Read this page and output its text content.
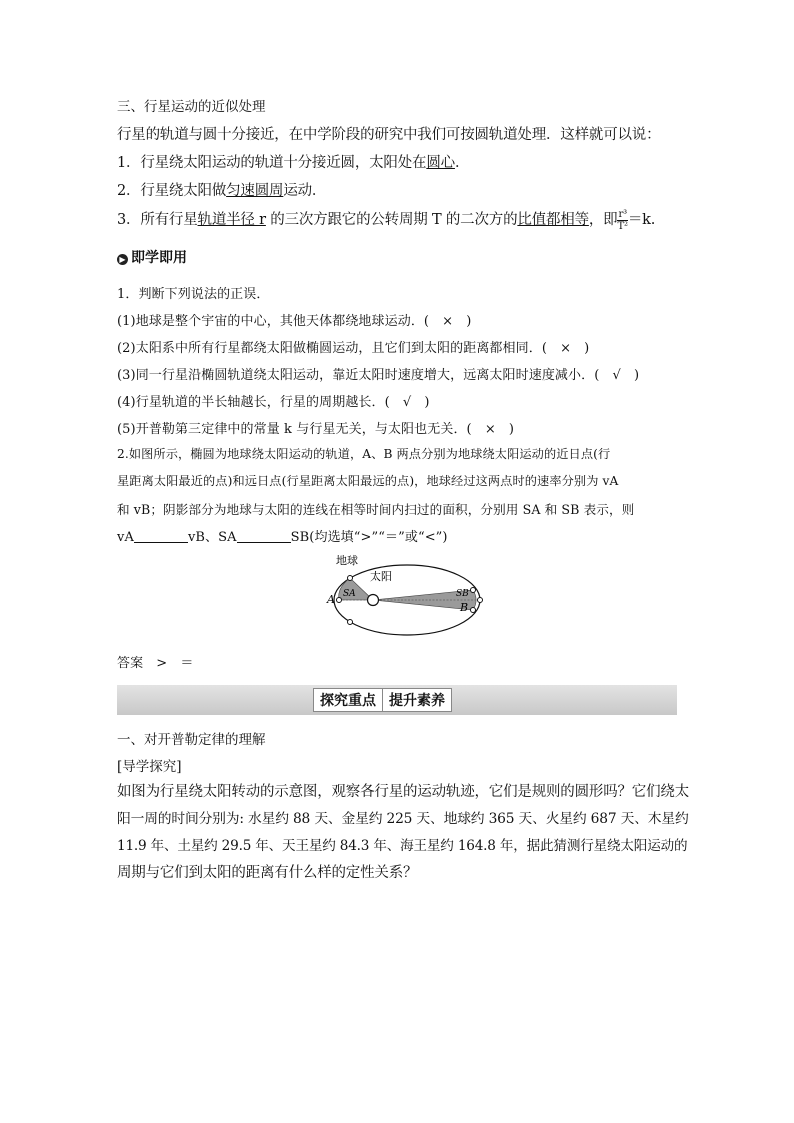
三、行星运动的近似处理
行星的轨道与圆十分接近，在中学阶段的研究中我们可按圆轨道处理．这样就可以说：
1．行星绕太阳运动的轨道十分接近圆，太阳处在圆心．
2．行星绕太阳做匀速圆周运动．
3．所有行星轨道半径 r 的三次方跟它的公转周期 T 的二次方的比值都相等，即 $\frac{\text{r³}}{\text{T²}} =k$.
▶ 即学即用
1．判断下列说法的正误．
(1)地球是整个宇宙的中心，其他天体都绕地球运动．(　×　)
(2)太阳系中所有行星都绕太阳做椭圆运动，且它们到太阳的距离都相同．(　×　)
(3)同一行星沿椭圆轨道绕太阳运动，靠近太阳时速度增大，远离太阳时速度减小．(　√　)
(4)行星轨道的半长轴越长，行星的周期越长．(　√　)
(5)开普勒第三定律中的常量 k 与行星无关，与太阳也无关．(　×　)
2.如图所示，椭圆为地球绕太阳运动的轨道，A、B 两点分别为地球绕太阳运动的近日点(行
星距离太阳最近的点)和远日点(行星距离太阳最远的点)，地球经过这两点时的速率分别为 vA
和 vB；阴影部分为地球与太阳的连线在相等时间内扫过的面积，分别用 SA 和 SB 表示，则
vA	vB、SA	SB(均选填“>”“＝”或“<”)
地球
太阳
A SA	SB
B
答案　>　＝
探究重点 提升素养
一、对开普勒定律的理解
[导学探究]
如图为行星绕太阳转动的示意图，观察各行星的运动轨迹，它们是规则的圆形吗？它们绕太
阳一周的时间分别为: 水星约 88 天、金星约 225 天、地球约 365 天、火星约 687 天、木星约
11.9 年、土星约 29.5 年、天王星约 84.3 年、海王星约 164.8 年，据此猜测行星绕太阳运动的
周期与它们到太阳的距离有什么样的定性关系？
